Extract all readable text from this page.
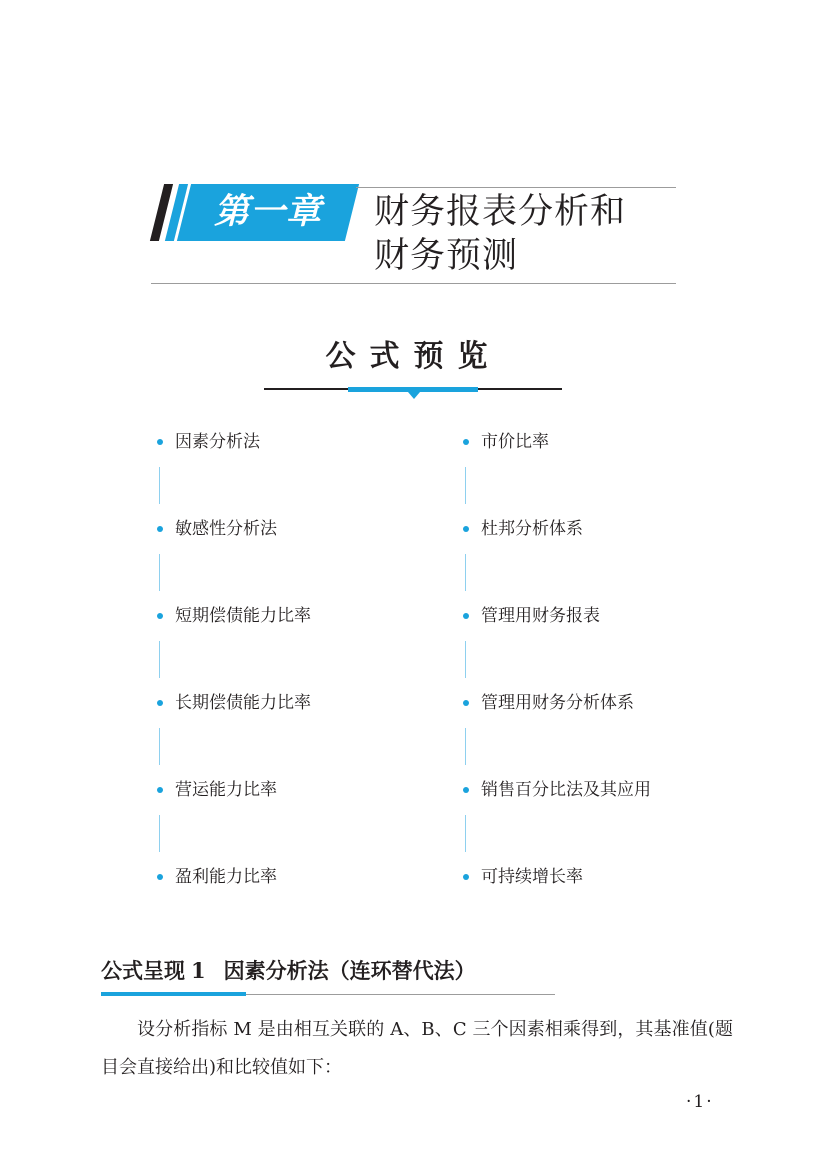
第一章	财务报表分析和
财务预测
公式预览
因素分析法
敏感性分析法
短期偿债能力比率
长期偿债能力比率
营运能力比率
盈利能力比率
市价比率
杜邦分析体系
管理用财务报表
管理用财务分析体系
销售百分比法及其应用
可持续增长率
公式呈现 1 因素分析法（连环替代法）
设分析指标 M 是由相互关联的 A、B、C 三个因素相乘得到，其基准值(题目会直接给出)和比较值如下：
·1·
